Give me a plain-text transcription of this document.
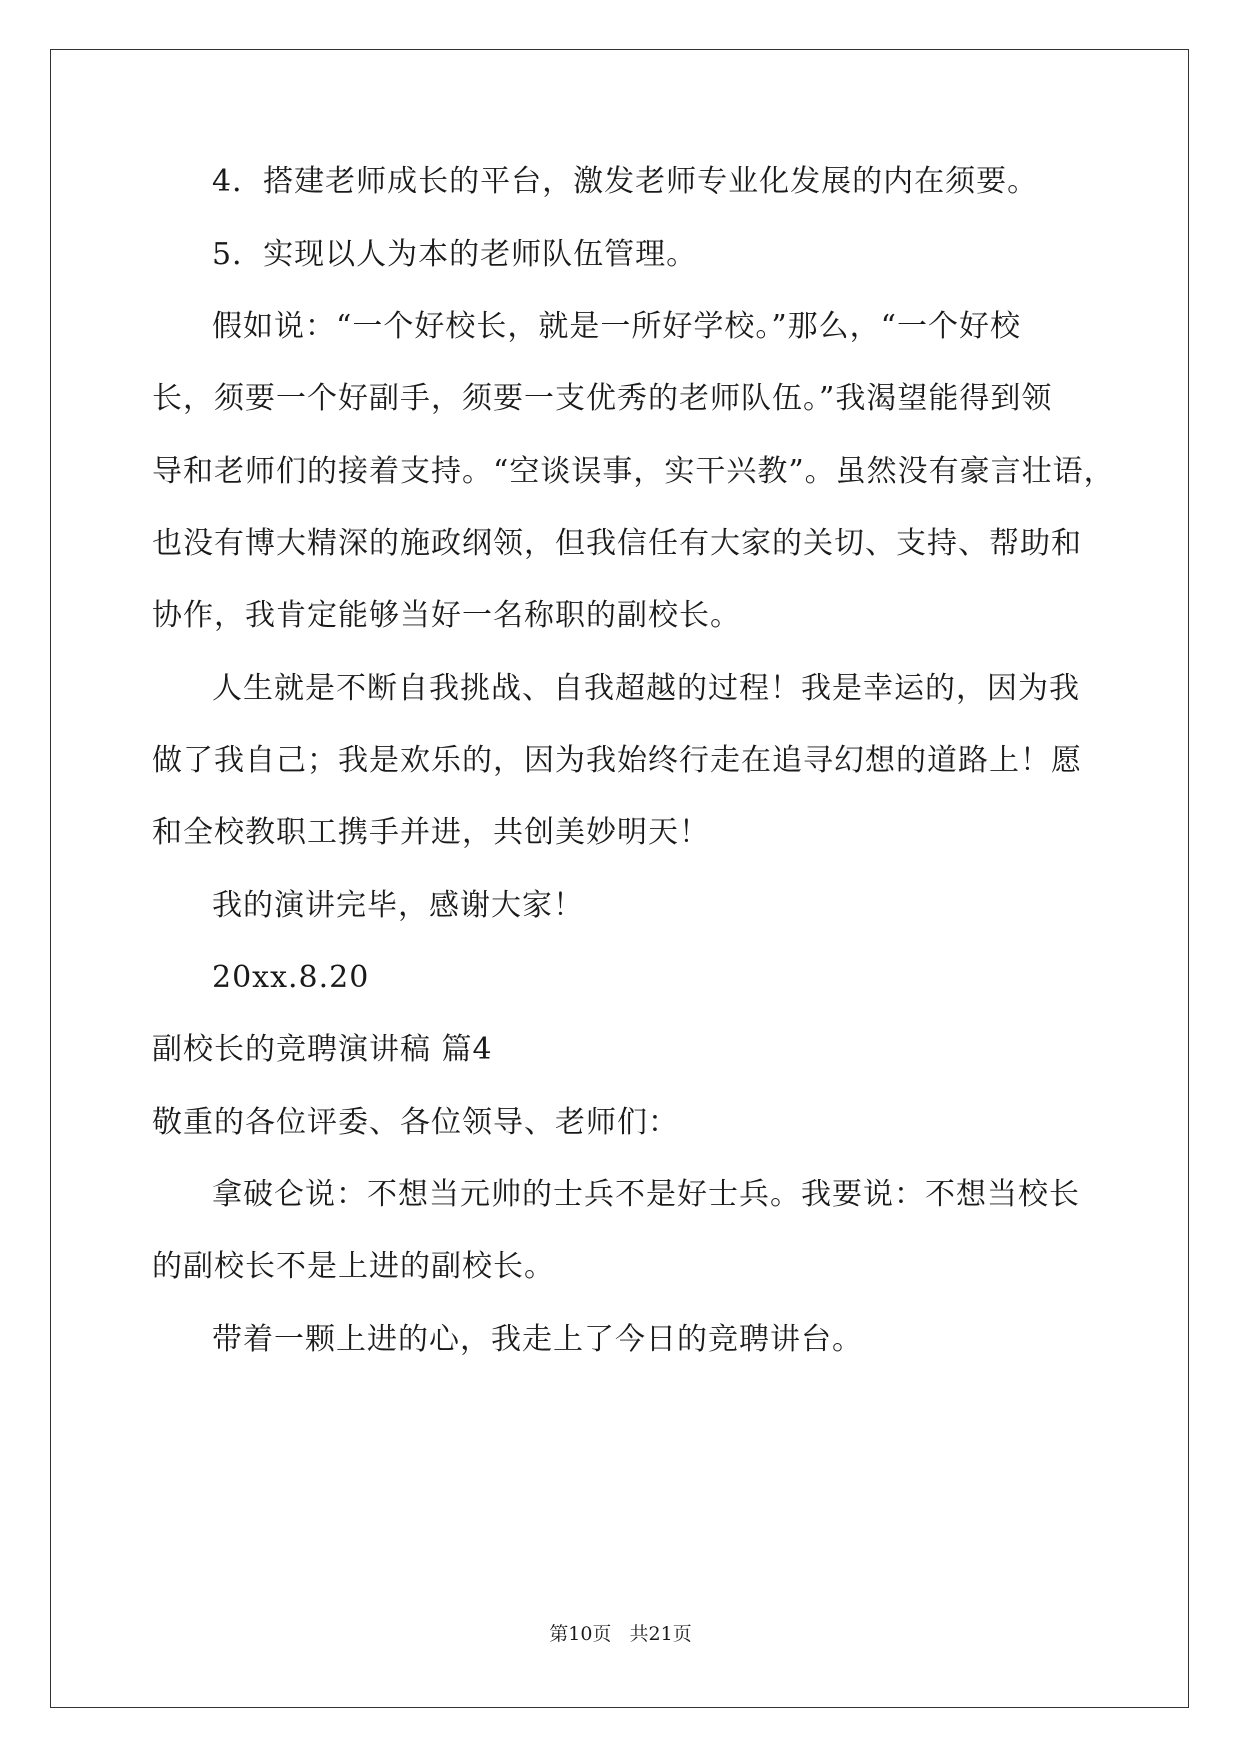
4．搭建老师成长的平台，激发老师专业化发展的内在须要。
5．实现以人为本的老师队伍管理。
假如说：“一个好校长，就是一所好学校。”那么，“一个好校
长，须要一个好副手，须要一支优秀的老师队伍。”我渴望能得到领
导和老师们的接着支持。“空谈误事，实干兴教”。虽然没有豪言壮语，
也没有博大精深的施政纲领，但我信任有大家的关切、支持、帮助和
协作，我肯定能够当好一名称职的副校长。
人生就是不断自我挑战、自我超越的过程！我是幸运的，因为我
做了我自己；我是欢乐的，因为我始终行走在追寻幻想的道路上！愿
和全校教职工携手并进，共创美妙明天！
我的演讲完毕，感谢大家！
20xx.8.20
副校长的竞聘演讲稿 篇4
敬重的各位评委、各位领导、老师们：
拿破仑说：不想当元帅的士兵不是好士兵。我要说：不想当校长
的副校长不是上进的副校长。
带着一颗上进的心，我走上了今日的竞聘讲台。
第10页   共21页
